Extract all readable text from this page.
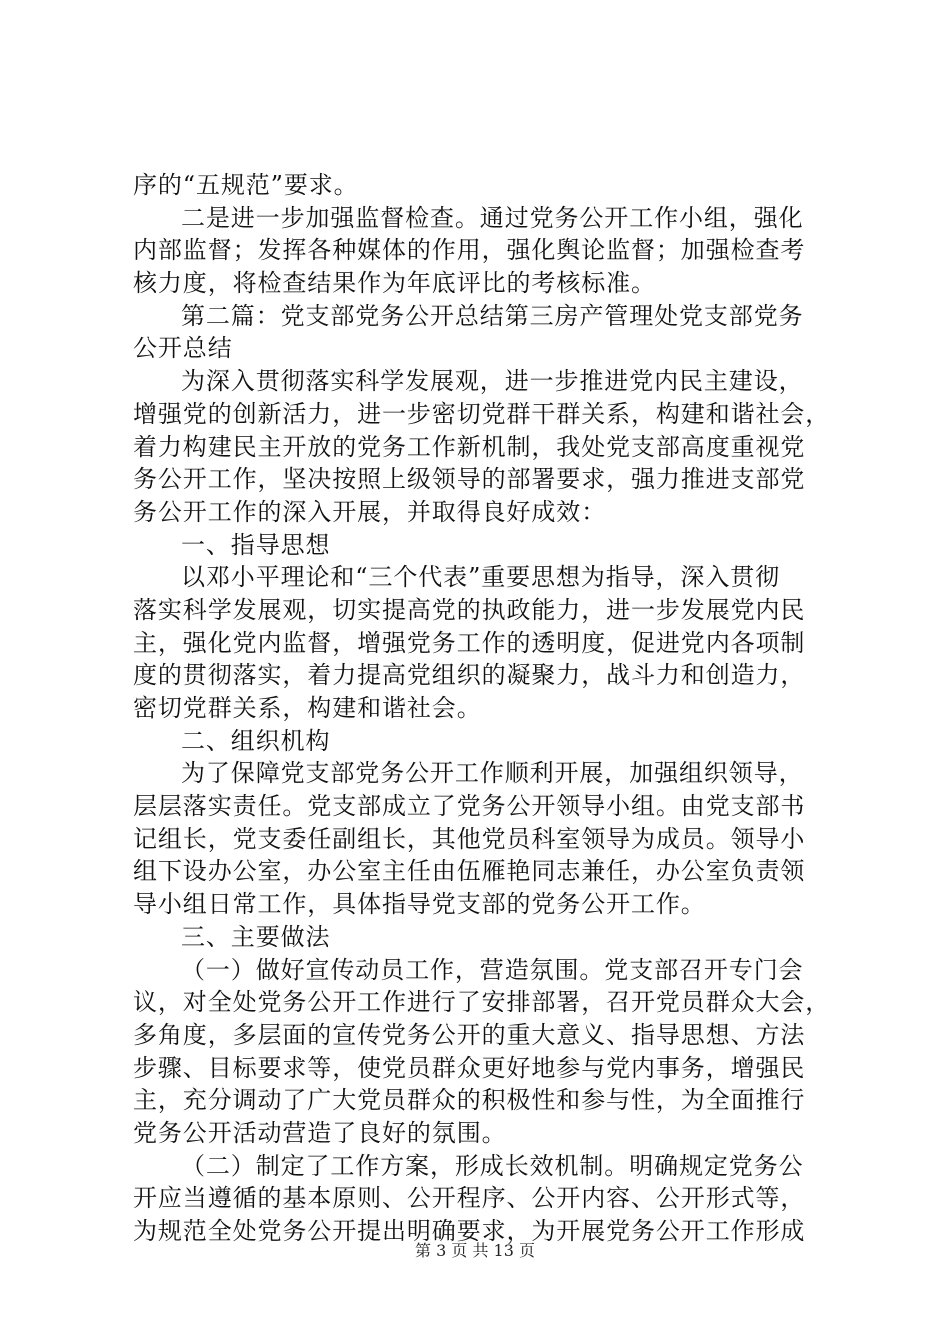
序的“五规范”要求。
二是进一步加强监督检查。通过党务公开工作小组，强化
内部监督；发挥各种媒体的作用，强化舆论监督；加强检查考
核力度，将检查结果作为年底评比的考核标准。
第二篇：党支部党务公开总结第三房产管理处党支部党务
公开总结
为深入贯彻落实科学发展观，进一步推进党内民主建设，
增强党的创新活力，进一步密切党群干群关系，构建和谐社会，
着力构建民主开放的党务工作新机制，我处党支部高度重视党
务公开工作，坚决按照上级领导的部署要求，强力推进支部党
务公开工作的深入开展，并取得良好成效：
一、指导思想
以邓小平理论和“三个代表”重要思想为指导，深入贯彻
落实科学发展观，切实提高党的执政能力，进一步发展党内民
主，强化党内监督，增强党务工作的透明度，促进党内各项制
度的贯彻落实，着力提高党组织的凝聚力，战斗力和创造力，
密切党群关系，构建和谐社会。
二、组织机构
为了保障党支部党务公开工作顺利开展，加强组织领导，
层层落实责任。党支部成立了党务公开领导小组。由党支部书
记组长，党支委任副组长，其他党员科室领导为成员。领导小
组下设办公室，办公室主任由伍雁艳同志兼任，办公室负责领
导小组日常工作，具体指导党支部的党务公开工作。
三、主要做法
（一）做好宣传动员工作，营造氛围。党支部召开专门会
议，对全处党务公开工作进行了安排部署，召开党员群众大会，
多角度，多层面的宣传党务公开的重大意义、指导思想、方法
步骤、目标要求等，使党员群众更好地参与党内事务，增强民
主，充分调动了广大党员群众的积极性和参与性，为全面推行
党务公开活动营造了良好的氛围。
（二）制定了工作方案，形成长效机制。明确规定党务公
开应当遵循的基本原则、公开程序、公开内容、公开形式等，
为规范全处党务公开提出明确要求，为开展党务公开工作形成
第 3 页 共 13 页
